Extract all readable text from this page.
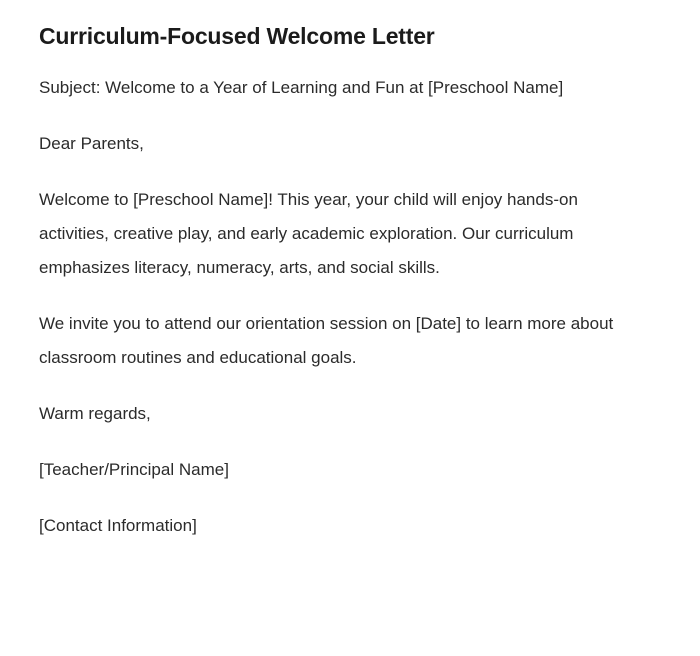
Curriculum-Focused Welcome Letter

Subject: Welcome to a Year of Learning and Fun at [Preschool Name]

Dear Parents,

Welcome to [Preschool Name]! This year, your child will enjoy hands-on activities, creative play, and early academic exploration. Our curriculum emphasizes literacy, numeracy, arts, and social skills.

We invite you to attend our orientation session on [Date] to learn more about classroom routines and educational goals.

Warm regards,

[Teacher/Principal Name]

[Contact Information]
